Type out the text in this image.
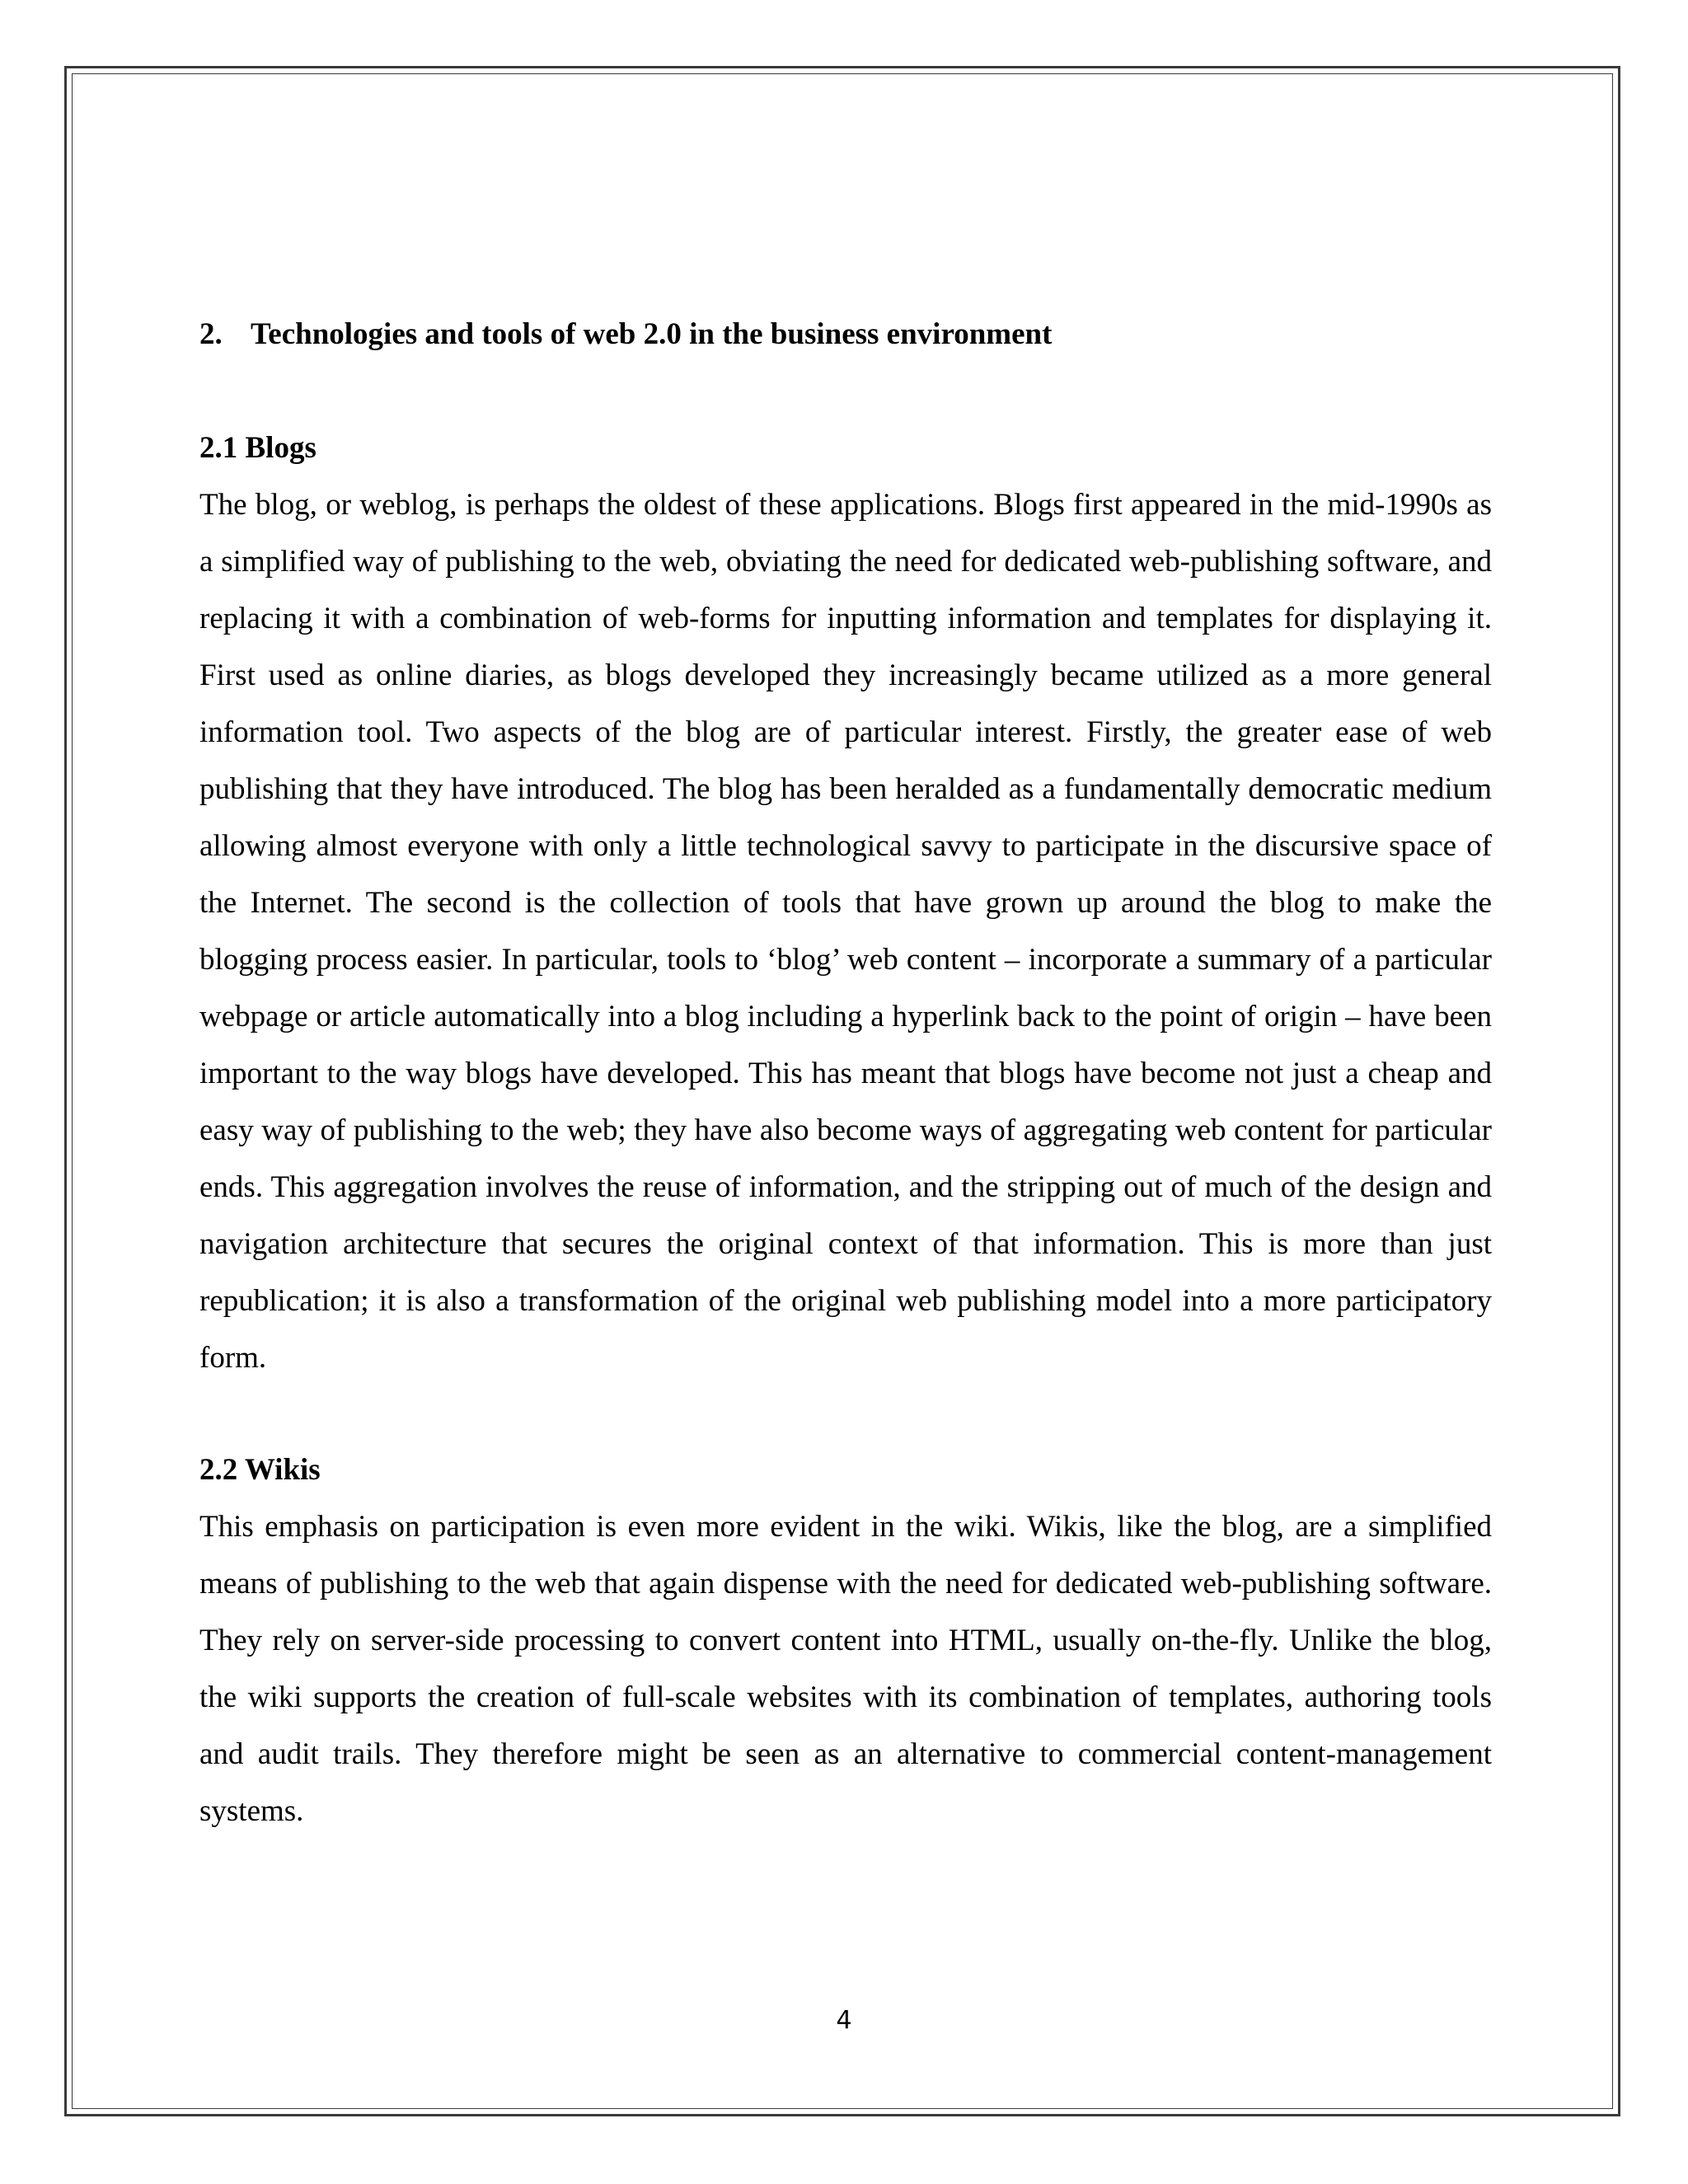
2. Technologies and tools of web 2.0 in the business environment
2.1 Blogs

The blog, or weblog, is perhaps the oldest of these applications. Blogs first appeared in the mid-1990s as a simplified way of publishing to the web, obviating the need for dedicated web-publishing software, and replacing it with a combination of web-forms for inputting information and templates for displaying it. First used as online diaries, as blogs developed they increasingly became utilized as a more general information tool. Two aspects of the blog are of particular interest. Firstly, the greater ease of web publishing that they have introduced. The blog has been heralded as a fundamentally democratic medium allowing almost everyone with only a little technological savvy to participate in the discursive space of the Internet. The second is the collection of tools that have grown up around the blog to make the blogging process easier. In particular, tools to ‘blog’ web content – incorporate a summary of a particular webpage or article automatically into a blog including a hyperlink back to the point of origin – have been important to the way blogs have developed. This has meant that blogs have become not just a cheap and easy way of publishing to the web; they have also become ways of aggregating web content for particular ends. This aggregation involves the reuse of information, and the stripping out of much of the design and navigation architecture that secures the original context of that information. This is more than just republication; it is also a transformation of the original web publishing model into a more participatory form.

2.2 Wikis

This emphasis on participation is even more evident in the wiki. Wikis, like the blog, are a simplified means of publishing to the web that again dispense with the need for dedicated web-publishing software. They rely on server-side processing to convert content into HTML, usually on-the-fly. Unlike the blog, the wiki supports the creation of full-scale websites with its combination of templates, authoring tools and audit trails. They therefore might be seen as an alternative to commercial content-management systems.

4
